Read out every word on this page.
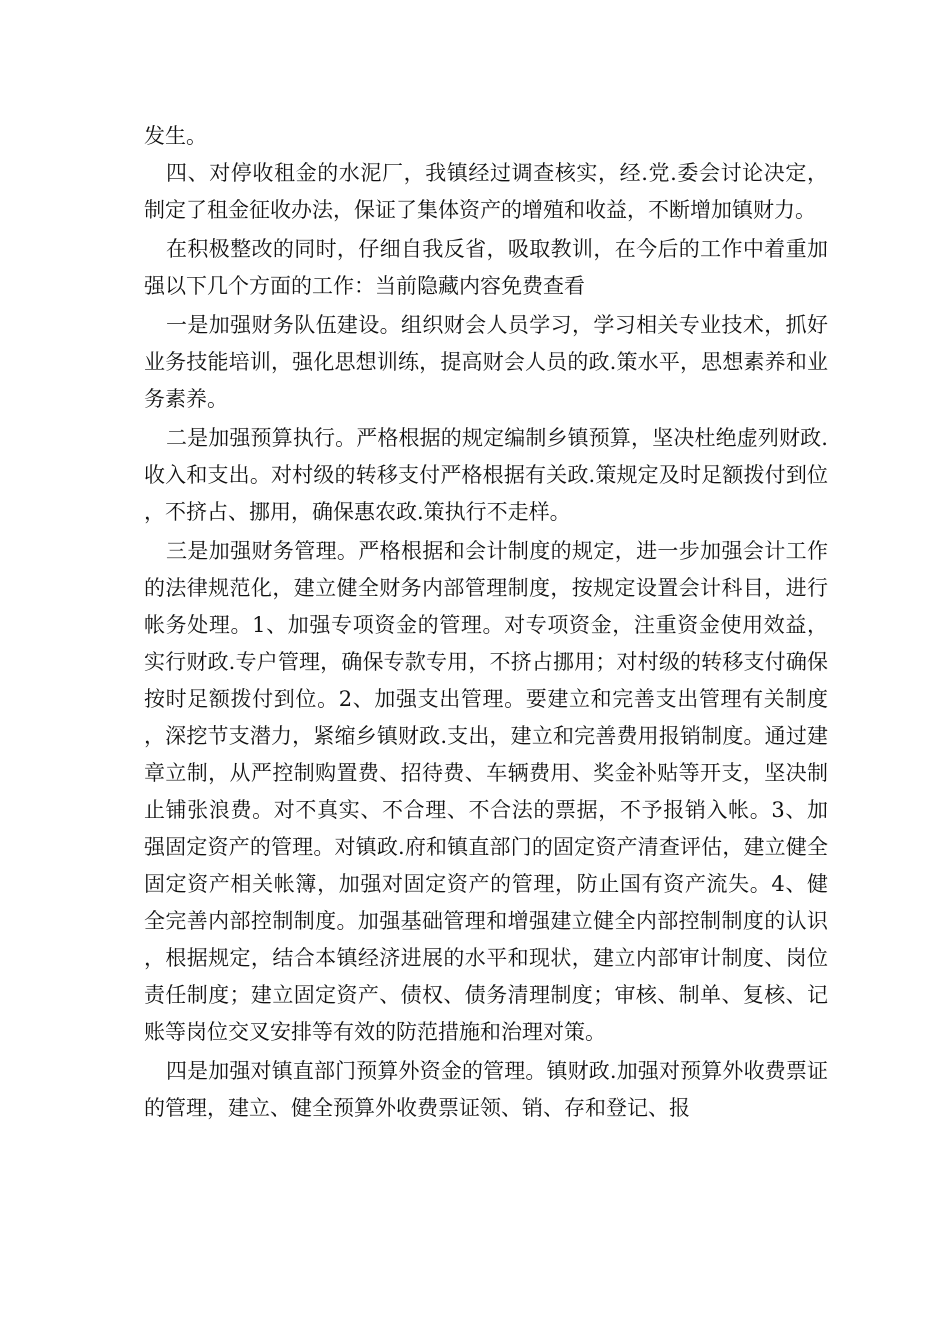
发生。

四、对停收租金的水泥厂，我镇经过调查核实，经.党.委会讨论决定，制定了租金征收办法，保证了集体资产的增殖和收益，不断增加镇财力。

在积极整改的同时，仔细自我反省，吸取教训，在今后的工作中着重加强以下几个方面的工作：当前隐藏内容免费查看

一是加强财务队伍建设。组织财会人员学习，学习相关专业技术，抓好业务技能培训，强化思想训练，提高财会人员的政.策水平，思想素养和业务素养。

二是加强预算执行。严格根据的规定编制乡镇预算，坚决杜绝虚列财政.收入和支出。对村级的转移支付严格根据有关政.策规定及时足额拨付到位，不挤占、挪用，确保惠农政.策执行不走样。

三是加强财务管理。严格根据和会计制度的规定，进一步加强会计工作的法律规范化，建立健全财务内部管理制度，按规定设置会计科目，进行帐务处理。1、加强专项资金的管理。对专项资金，注重资金使用效益，实行财政.专户管理，确保专款专用，不挤占挪用；对村级的转移支付确保按时足额拨付到位。2、加强支出管理。要建立和完善支出管理有关制度，深挖节支潜力，紧缩乡镇财政.支出，建立和完善费用报销制度。通过建章立制，从严控制购置费、招待费、车辆费用、奖金补贴等开支，坚决制止铺张浪费。对不真实、不合理、不合法的票据，不予报销入帐。3、加强固定资产的管理。对镇政.府和镇直部门的固定资产清查评估，建立健全固定资产相关帐簿，加强对固定资产的管理，防止国有资产流失。4、健全完善内部控制制度。加强基础管理和增强建立健全内部控制制度的认识，根据规定，结合本镇经济进展的水平和现状，建立内部审计制度、岗位责任制度；建立固定资产、债权、债务清理制度；审核、制单、复核、记账等岗位交叉安排等有效的防范措施和治理对策。

四是加强对镇直部门预算外资金的管理。镇财政.加强对预算外收费票证的管理，建立、健全预算外收费票证领、销、存和登记、报
